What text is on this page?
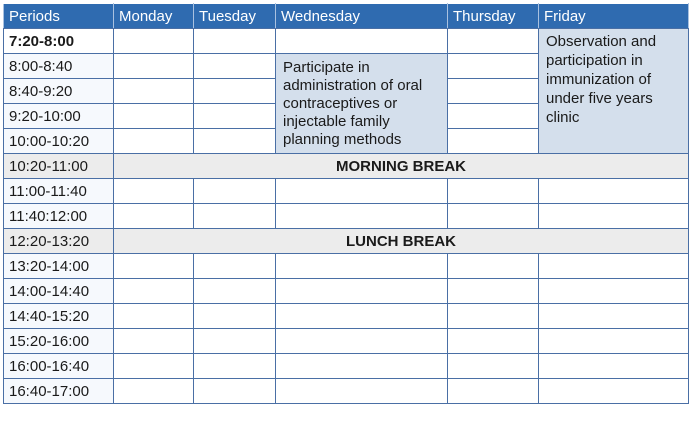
Periods	Monday	Tuesday	Wednesday	Thursday	Friday
7:20-8:00					Observation and participation in immunization of under five years clinic
8:00-8:40			Participate in administration of oral contraceptives or injectable family planning methods		
8:40-9:20					
9:20-10:00					
10:00-10:20					
10:20-11:00	MORNING BREAK				
11:00-11:40					
11:40:12:00					
12:20-13:20	LUNCH BREAK				
13:20-14:00					
14:00-14:40					
14:40-15:20					
15:20-16:00					
16:00-16:40					
16:40-17:00					
